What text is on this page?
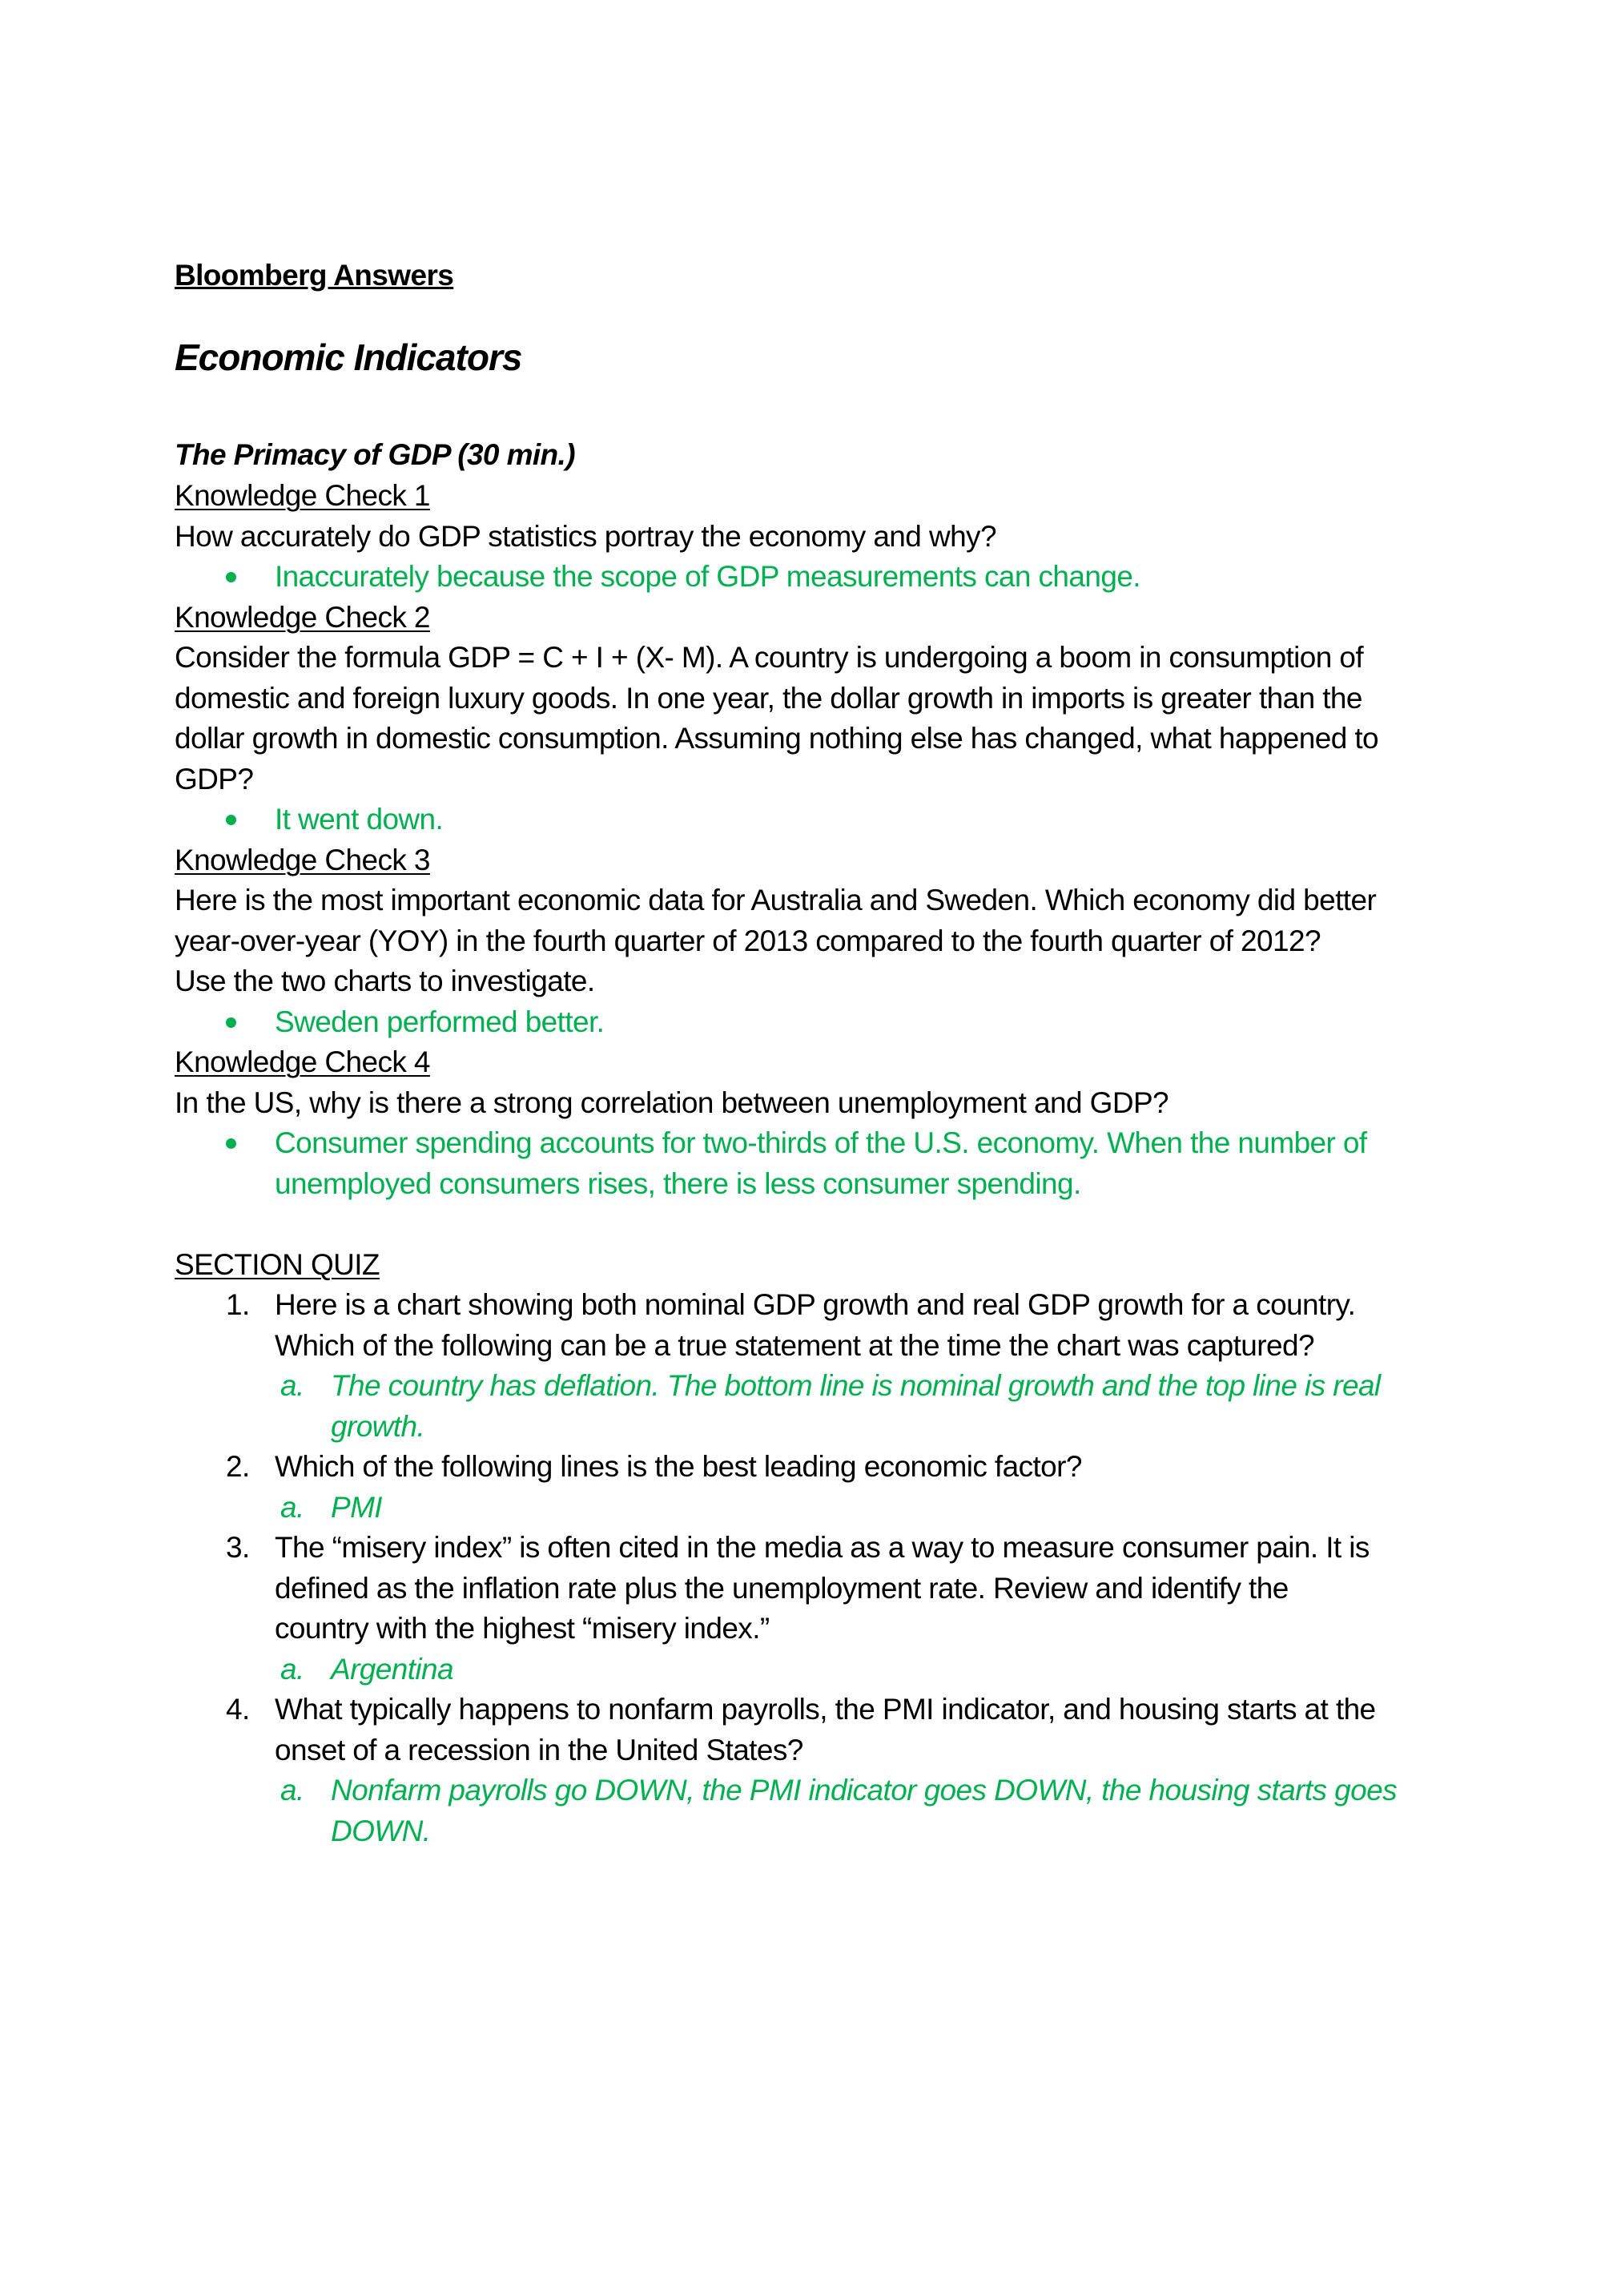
Bloomberg Answers
Economic Indicators
The Primacy of GDP (30 min.)
Knowledge Check 1
How accurately do GDP statistics portray the economy and why?
Inaccurately because the scope of GDP measurements can change.
Knowledge Check 2
Consider the formula GDP = C + I + (X- M). A country is undergoing a boom in consumption of
domestic and foreign luxury goods. In one year, the dollar growth in imports is greater than the
dollar growth in domestic consumption. Assuming nothing else has changed, what happened to
GDP?
It went down.
Knowledge Check 3
Here is the most important economic data for Australia and Sweden. Which economy did better
year-over-year (YOY) in the fourth quarter of 2013 compared to the fourth quarter of 2012?
Use the two charts to investigate.
Sweden performed better.
Knowledge Check 4
In the US, why is there a strong correlation between unemployment and GDP?
Consumer spending accounts for two-thirds of the U.S. economy. When the number of
unemployed consumers rises, there is less consumer spending.
SECTION QUIZ
1. Here is a chart showing both nominal GDP growth and real GDP growth for a country.
Which of the following can be a true statement at the time the chart was captured?
a. The country has deflation. The bottom line is nominal growth and the top line is real
growth.
2. Which of the following lines is the best leading economic factor?
a. PMI
3. The “misery index” is often cited in the media as a way to measure consumer pain. It is
defined as the inflation rate plus the unemployment rate. Review and identify the
country with the highest “misery index.”
a. Argentina
4. What typically happens to nonfarm payrolls, the PMI indicator, and housing starts at the
onset of a recession in the United States?
a. Nonfarm payrolls go DOWN, the PMI indicator goes DOWN, the housing starts goes
DOWN.
